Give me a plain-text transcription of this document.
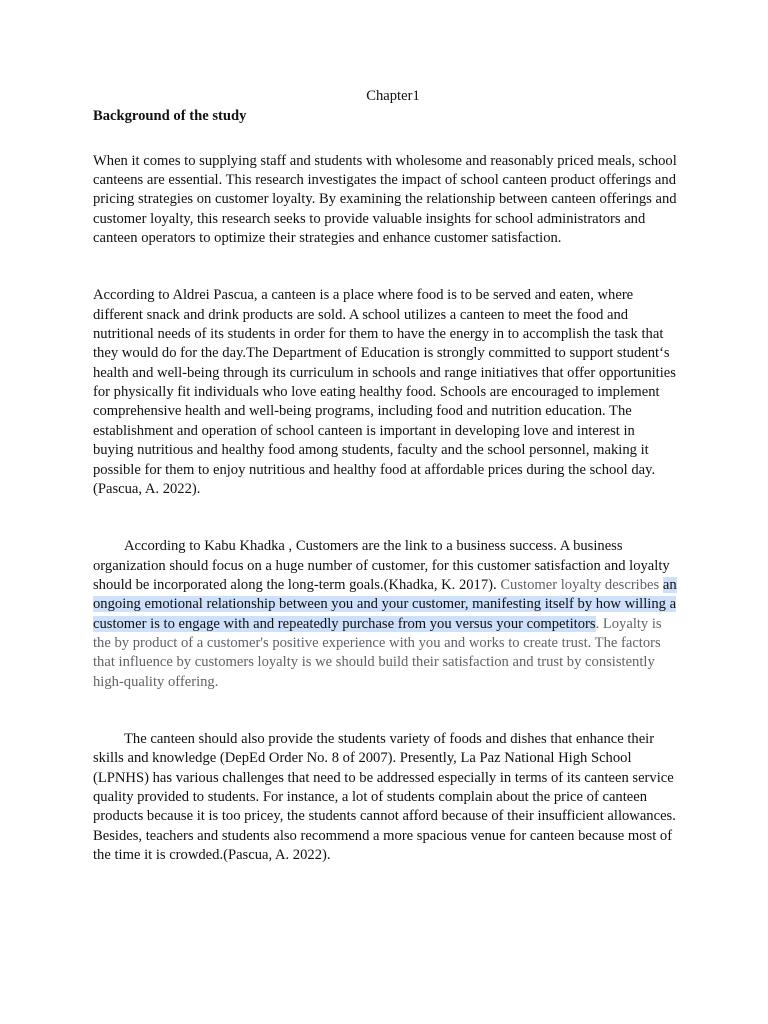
Chapter1
Background of the study

When it comes to supplying staff and students with wholesome and reasonably priced meals, school canteens are essential. This research investigates the impact of school canteen product offerings and pricing strategies on customer loyalty. By examining the relationship between canteen offerings and customer loyalty, this research seeks to provide valuable insights for school administrators and canteen operators to optimize their strategies and enhance customer satisfaction.

According to Aldrei Pascua, a canteen is a place where food is to be served and eaten, where different snack and drink products are sold. A school utilizes a canteen to meet the food and nutritional needs of its students in order for them to have the energy in to accomplish the task that they would do for the day.The Department of Education is strongly committed to support student‘s health and well-being through its curriculum in schools and range initiatives that offer opportunities for physically fit individuals who love eating healthy food. Schools are encouraged to implement comprehensive health and well-being programs, including food and nutrition education. The establishment and operation of school canteen is important in developing love and interest in buying nutritious and healthy food among students, faculty and the school personnel, making it possible for them to enjoy nutritious and healthy food at affordable prices during the school day.(Pascua, A. 2022).

According to Kabu Khadka , Customers are the link to a business success. A business organization should focus on a huge number of customer, for this customer satisfaction and loyalty should be incorporated along the long-term goals.(Khadka, K. 2017). Customer loyalty describes an ongoing emotional relationship between you and your customer, manifesting itself by how willing a customer is to engage with and repeatedly purchase from you versus your competitors. Loyalty is the by product of a customer's positive experience with you and works to create trust. The factors that influence by customers loyalty is we should build their satisfaction and trust by consistently high-quality offering.

The canteen should also provide the students variety of foods and dishes that enhance their skills and knowledge (DepEd Order No. 8 of 2007). Presently, La Paz National High School (LPNHS) has various challenges that need to be addressed especially in terms of its canteen service quality provided to students. For instance, a lot of students complain about the price of canteen products because it is too pricey, the students cannot afford because of their insufficient allowances. Besides, teachers and students also recommend a more spacious venue for canteen because most of the time it is crowded.(Pascua, A. 2022).
